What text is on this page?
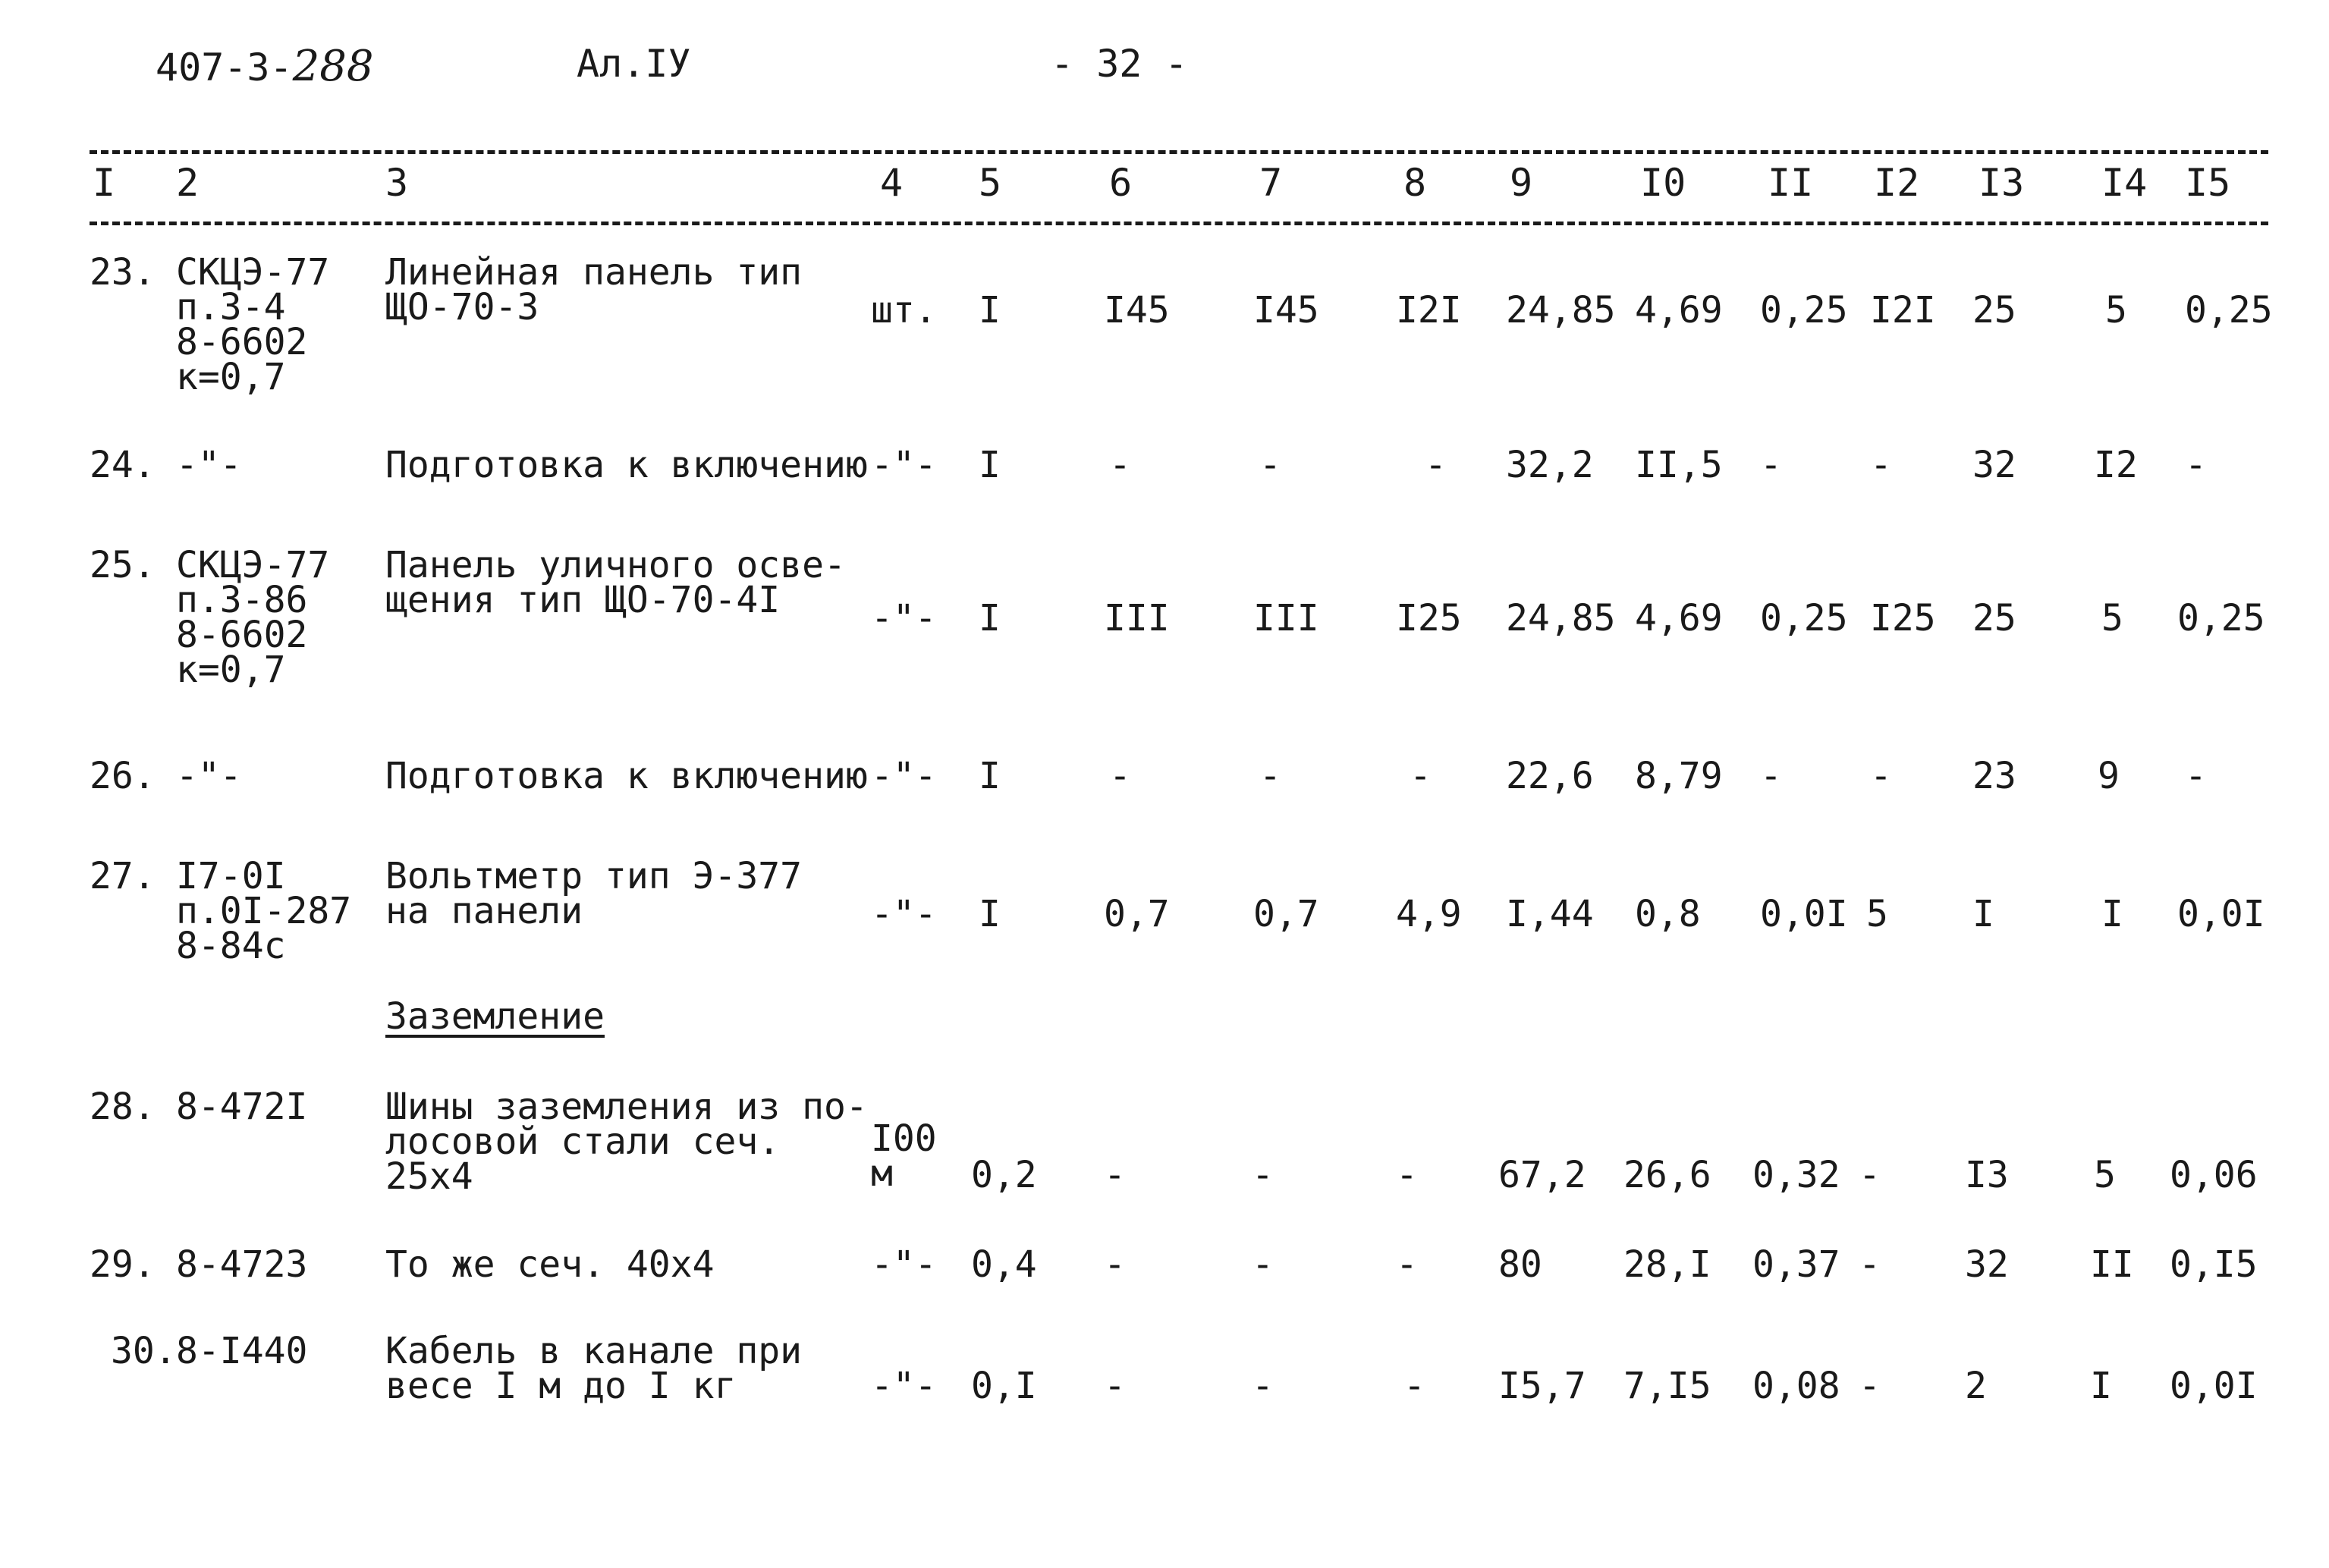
407-3-288	Ал.IУ	- 32 -
I 2	3	4 5	6	7	8 9	I0 II I2 I3 I4 I5
23. СКЦЭ-77
п.3-4
8-6602
к=0,7
Линейная панель тип
ЩО-70-3	шт. I	I45 I45 I2I 24,85 4,69 0,25 I2I 25 5 0,25
24. -"-	Подготовка к включению -"- I	-	-	- 32,2 II,5 - - 32 I2 -
25. СКЦЭ-77
п.3-86
8-6602
к=0,7
Панель уличного осве-
щения тип ЩО-70-4I	-"- I	III III I25 24,85 4,69 0,25 I25 25 5 0,25
26. -"-	Подготовка к включению -"- I	-	-	- 22,6 8,79 - - 23 9 -
27. I7-0I
п.0I-287
8-84с
Вольтметр тип Э-377
на панели	-"- I	0,7 0,7 4,9 I,44 0,8 0,0I 5 I	I 0,0I
Заземление
28. 8-472I Шины заземления из по-
лосовой стали сеч.
25х4
I00
м	0,2 -	-	- 67,2 26,6 0,32 - I3 5 0,06
29. 8-4723 То же сеч. 40х4	-"- 0,4 -	-	- 80 28,I 0,37 - 32 II 0,I5
30. 8-I440 Кабель в канале при
весе I м до I кг	-"- 0,I -	-	- I5,7 7,I5 0,08 - 2	I 0,0I
